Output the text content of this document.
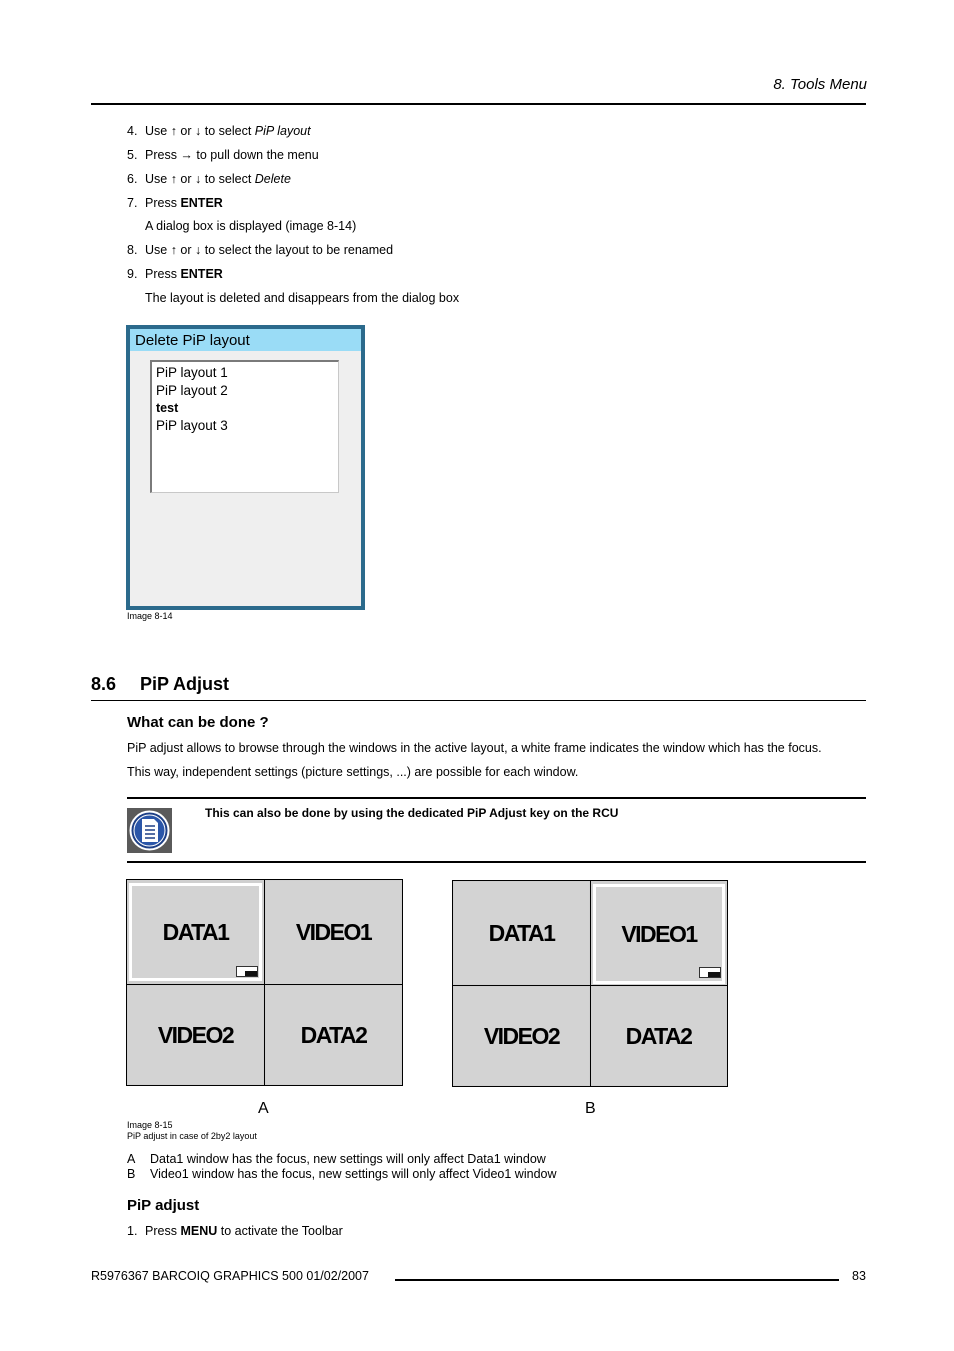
8. Tools Menu
4. Use ↑ or ↓ to select PiP layout
5. Press → to pull down the menu
6. Use ↑ or ↓ to select Delete
7. Press ENTER
A dialog box is displayed (image 8-14)
8. Use ↑ or ↓ to select the layout to be renamed
9. Press ENTER
The layout is deleted and disappears from the dialog box
Delete PiP layout
PiP layout 1
PiP layout 2
test
PiP layout 3
Image 8-14
8.6 PiP Adjust
What can be done ?
PiP adjust allows to browse through the windows in the active layout, a white frame indicates the window which has the focus.
This way, independent settings (picture settings, ...) are possible for each window.
This can also be done by using the dedicated PiP Adjust key on the RCU
DATA1	VIDEO1
VIDEO2	DATA2
A
DATA1	VIDEO1
VIDEO2	DATA2
B
Image 8-15
PiP adjust in case of 2by2 layout
A Data1 window has the focus, new settings will only affect Data1 window
B Video1 window has the focus, new settings will only affect Video1 window
PiP adjust
1. Press MENU to activate the Toolbar
R5976367 BARCOIQ GRAPHICS 500 01/02/2007	83
